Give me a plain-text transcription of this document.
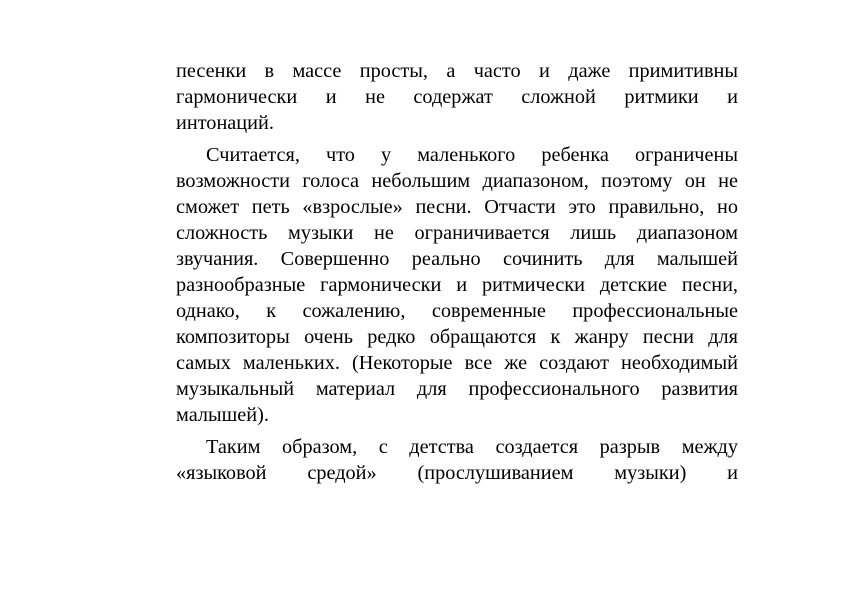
песенки в массе просты, а часто и даже примитивны
гармонически и не содержат сложной ритмики и
интонаций.
Считается, что у маленького ребенка ограничены
возможности голоса небольшим диапазоном, поэтому он не
сможет петь «взрослые» песни. Отчасти это правильно, но
сложность музыки не ограничивается лишь диапазоном
звучания. Совершенно реально сочинить для малышей
разнообразные гармонически и ритмически детские песни,
однако, к сожалению, современные профессиональные
композиторы очень редко обращаются к жанру песни для
самых маленьких. (Некоторые все же создают необходимый
музыкальный материал для профессионального развития
малышей).
Таким образом, с детства создается разрыв между
«языковой средой» (прослушиванием музыки) и
